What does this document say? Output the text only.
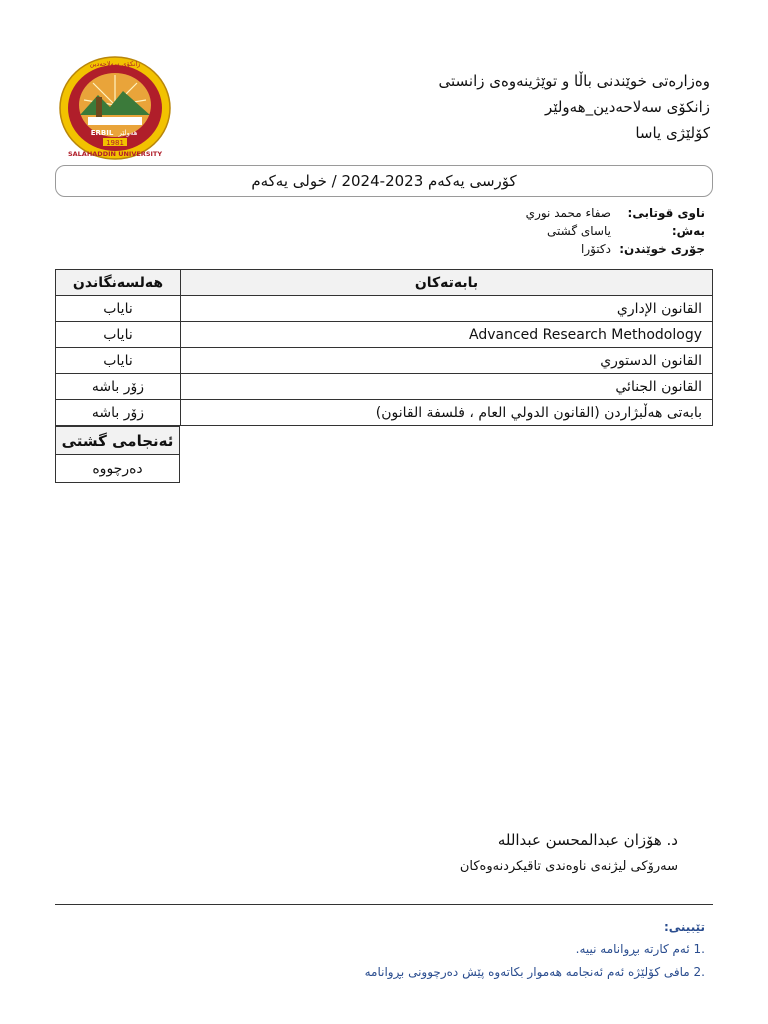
هەولێر
ERBIL
1981
SALAHADDIN UNIVERSITY
زانكۆی سەلاحەدین
وەزارەتی خوێندنی باڵا و توێژینەوەی زانستی
زانكۆی سەلاحەدین_هەولێر
كۆلێژی یاسا
كۆرسی یەكەم 2023-2024 / خولی یەكەم
ناوی قوتابی:
صفاء محمد نوري
بەش:
یاسای گشتی
جۆری خوێندن:
دكتۆرا
بابەتەكان	هەلسەنگاندن
القانون الإداري	ناياب
Advanced Research Methodology	ناياب
القانون الدستوري	ناياب
القانون الجنائي	زۆر باشە
بابەتی هەڵبژاردن (القانون الدولي العام ، فلسفة القانون)	زۆر باشە
ئەنجامی گشتی
دەرچووە
د. هۆزان عبدالمحسن عبدالله
سەرۆكی لیژنەی ناوەندی تاقیكردنەوەكان
تێبینی:
.1 ئەم كارتە بڕوانامە نییە.
.2 مافی كۆلێژە ئەم ئەنجامە هەموار بكاتەوە پێش دەرچوونی بڕوانامە
